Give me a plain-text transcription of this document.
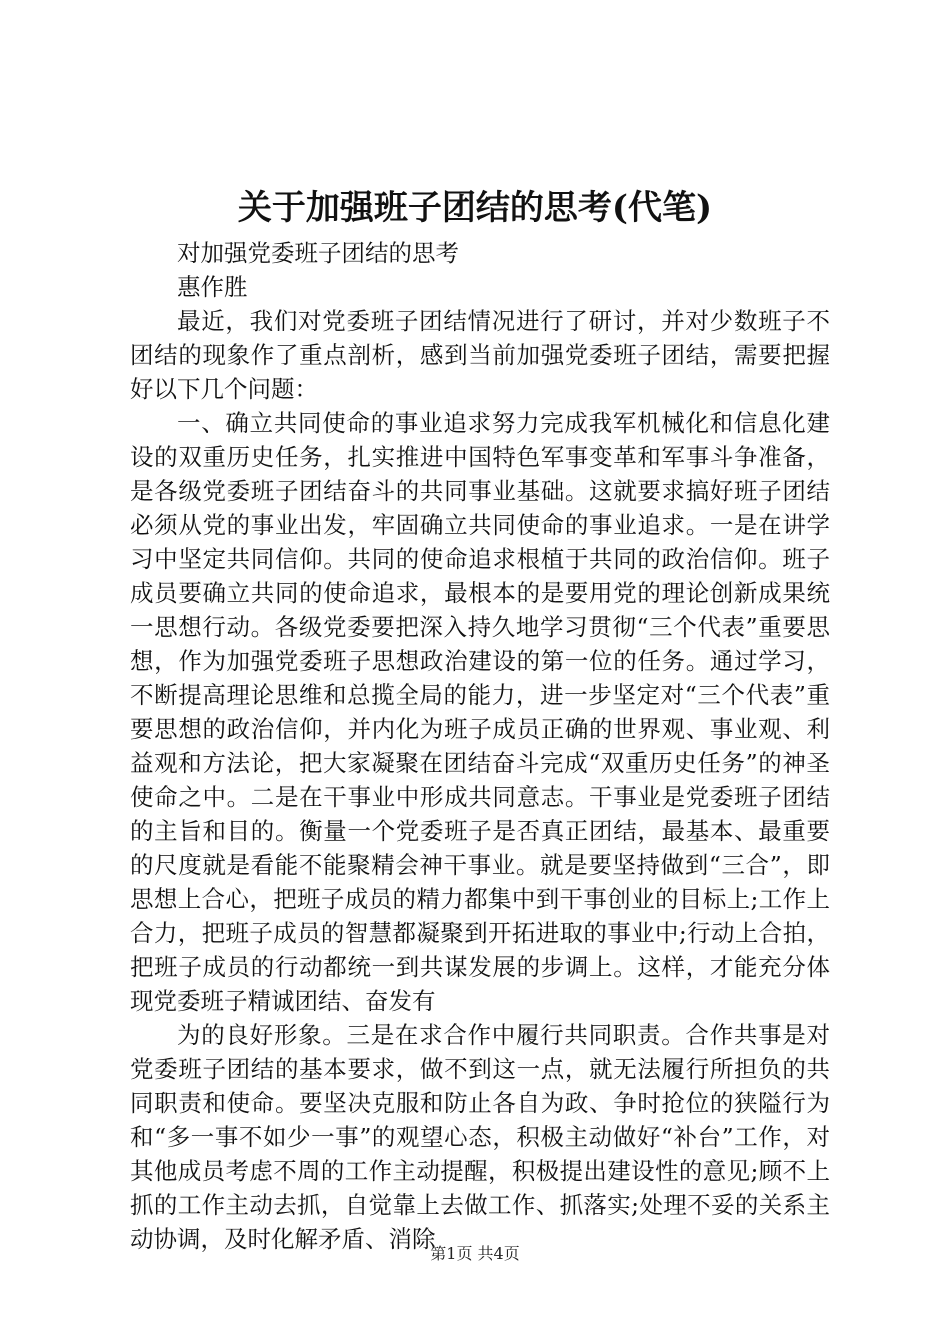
关于加强班子团结的思考(代笔)

对加强党委班子团结的思考

惠作胜

最近，我们对党委班子团结情况进行了研讨，并对少数班子不团结的现象作了重点剖析，感到当前加强党委班子团结，需要把握好以下几个问题：

一、确立共同使命的事业追求努力完成我军机械化和信息化建设的双重历史任务，扎实推进中国特色军事变革和军事斗争准备，是各级党委班子团结奋斗的共同事业基础。这就要求搞好班子团结必须从党的事业出发，牢固确立共同使命的事业追求。一是在讲学习中坚定共同信仰。共同的使命追求根植于共同的政治信仰。班子成员要确立共同的使命追求，最根本的是要用党的理论创新成果统一思想行动。各级党委要把深入持久地学习贯彻“三个代表”重要思想，作为加强党委班子思想政治建设的第一位的任务。通过学习，不断提高理论思维和总揽全局的能力，进一步坚定对“三个代表”重要思想的政治信仰，并内化为班子成员正确的世界观、事业观、利益观和方法论，把大家凝聚在团结奋斗完成“双重历史任务”的神圣使命之中。二是在干事业中形成共同意志。干事业是党委班子团结的主旨和目的。衡量一个党委班子是否真正团结，最基本、最重要的尺度就是看能不能聚精会神干事业。就是要坚持做到“三合”，即思想上合心，把班子成员的精力都集中到干事创业的目标上;工作上合力，把班子成员的智慧都凝聚到开拓进取的事业中;行动上合拍，把班子成员的行动都统一到共谋发展的步调上。这样，才能充分体现党委班子精诚团结、奋发有

为的良好形象。三是在求合作中履行共同职责。合作共事是对党委班子团结的基本要求，做不到这一点，就无法履行所担负的共同职责和使命。要坚决克服和防止各自为政、争时抢位的狭隘行为和“多一事不如少一事”的观望心态，积极主动做好“补台”工作，对其他成员考虑不周的工作主动提醒，积极提出建设性的意见;顾不上抓的工作主动去抓，自觉靠上去做工作、抓落实;处理不妥的关系主动协调，及时化解矛盾、消除

第1页 共4页
